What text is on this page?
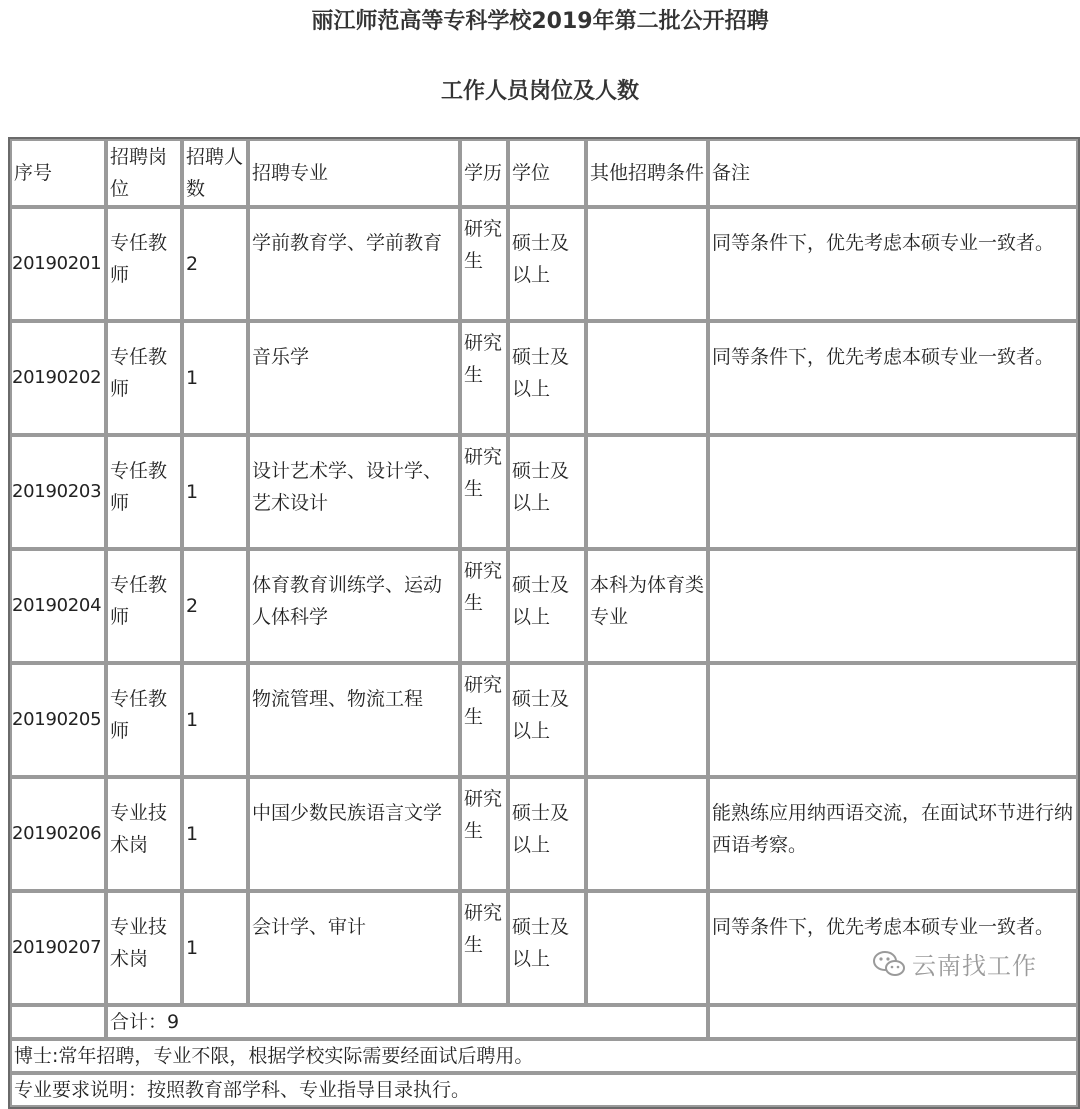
丽江师范高等专科学校2019年第二批公开招聘
工作人员岗位及人数
序号	招聘岗位	招聘人数	招聘专业	学历	学位	其他招聘条件	备注
20190201	专任教师	2	学前教育学、学前教育	研究生	硕士及以上		同等条件下，优先考虑本硕专业一致者。
20190202	专任教师	1	音乐学	研究生	硕士及以上		同等条件下，优先考虑本硕专业一致者。
20190203	专任教师	1	设计艺术学、设计学、艺术设计	研究生	硕士及以上		
20190204	专任教师	2	体育教育训练学、运动人体科学	研究生	硕士及以上	本科为体育类专业	
20190205	专任教师	1	物流管理、物流工程	研究生	硕士及以上		
20190206	专业技术岗	1	中国少数民族语言文学	研究生	硕士及以上		能熟练应用纳西语交流，在面试环节进行纳西语考察。
20190207	专业技术岗	1	会计学、审计	研究生	硕士及以上		同等条件下，优先考虑本硕专业一致者。
	合计：9						
博士:常年招聘，专业不限，根据学校实际需要经面试后聘用。							
专业要求说明：按照教育部学科、专业指导目录执行。							
云南找工作
